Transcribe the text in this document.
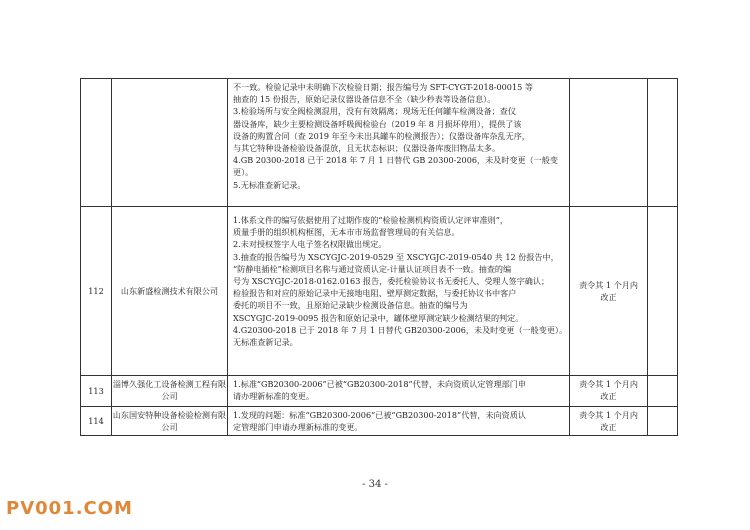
不一致。检验记录中未明确下次检验日期；报告编号为 SFT-CYGT-2018-00015 等
抽查的 15 份报告，原始记录仪器设备信息不全（缺少秒表等设备信息）。
3.检验场所与安全阀检测混用，没有有效隔离；现场无任何罐车检测设备；查仪
器设备库，缺少主要检测设备呼吸阀检验台（2019 年 8 月损坏停用），提供了该
设备的购置合同（查 2019 年至今未出具罐车的检测报告）；仪器设备库杂乱无序，
与其它特种设备检验设备混放，且无状态标识；仪器设备库废旧物品太多。
4.GB 20300-2018 已于 2018 年 7 月 1 日替代 GB 20300-2006，未及时变更（一般变
更）。
5.无标准查新记录。
112	山东新盛检测技术有限公司
1.体系文件的编写依据使用了过期作废的“检验检测机构资质认定评审准则”，
质量手册的组织机构框图，无本市市场监督管理局的有关信息。
2.未对授权签字人电子签名权限做出规定。
3.抽查的报告编号为 XSCYGJC-2019-0529 至 XSCYGJC-2019-0540 共 12 份报告中，
“防静电插栓”检测项目名称与通过资质认定-计量认证项目表不一致。抽查的编
号为 XSCYGJC-2018-0162.0163 报告，委托检验协议书无委托人、受理人签字确认；
检验报告和对应的原始记录中无接地电阻、壁厚测定数据，与委托协议书中客户
委托的项目不一致，且原始记录缺少检测设备信息。抽查的编号为
XSCYGJC-2019-0095 报告和原始记录中，罐体壁厚测定缺少检测结果的判定。
4.G20300-2018 已于 2018 年 7 月 1 日替代 GB20300-2006，未及时变更（一般变更）。
无标准查新记录。
责令其 1 个月内
改正
113
淄博久强化工设备检测工程有限
公司
1.标准“GB20300-2006”已被“GB20300-2018”代替，未向资质认定管理部门申
请办理新标准的变更。
责令其 1 个月内
改正
114
山东国安特种设备检验检测有限
公司
1.发现的问题：标准“GB20300-2006”已被“GB20300-2018”代替，未向资质认
定管理部门申请办理新标准的变更。
责令其 1 个月内
改正
- 34 -
PV001.COM
